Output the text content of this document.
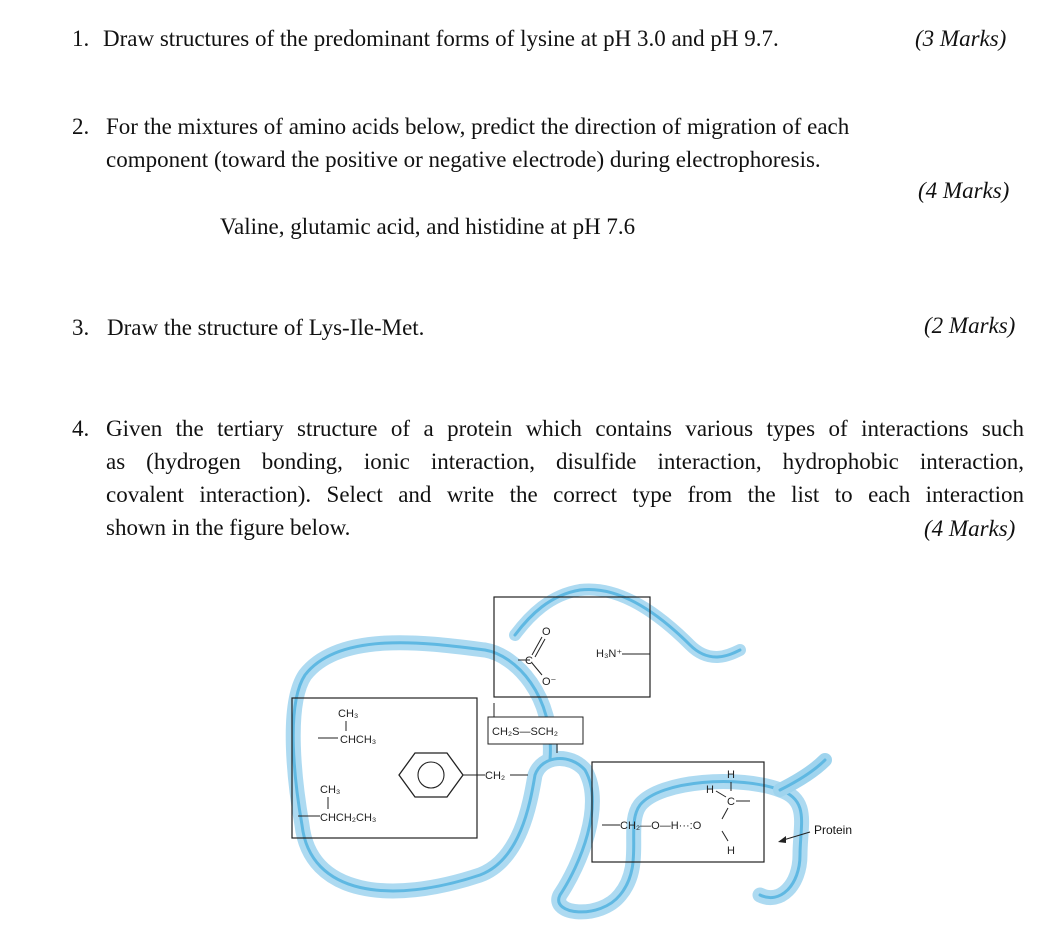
1. Draw structures of the predominant forms of lysine at pH 3.0 and pH 9.7.	(3 Marks)
2. For the mixtures of amino acids below, predict the direction of migration of each
component (toward the positive or negative electrode) during electrophoresis.
(4 Marks)
Valine, glutamic acid, and histidine at pH 7.6
3. Draw the structure of Lys-Ile-Met.	(2 Marks)
4. Given the tertiary structure of a protein which contains various types of interactions such
as (hydrogen bonding, ionic interaction, disulfide interaction, hydrophobic interaction,
covalent interaction). Select and write the correct type from the list to each interaction
shown in the figure below.	(4 Marks)
O
C
O⁻
H₃N⁺
CH₃
CHCH₃
CH₃
CHCH₂CH₃
CH₂
CH₂S—SCH₂
CH₂—O—H···:O
H
H
C
H
Protein
